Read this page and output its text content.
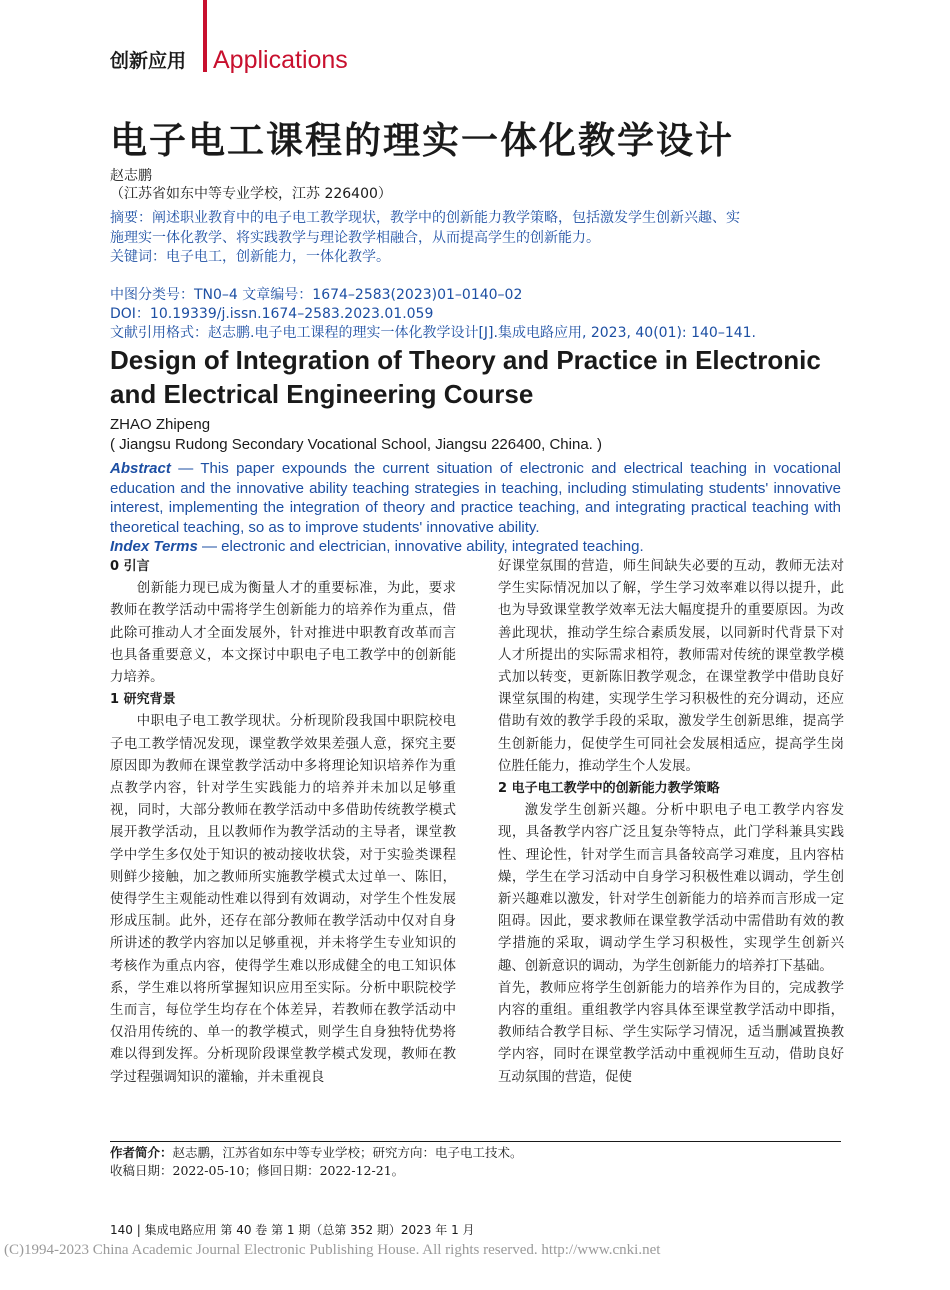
创新应用 Applications
电子电工课程的理实一体化教学设计
赵志鹏
（江苏省如东中等专业学校，江苏 226400）
摘要：阐述职业教育中的电子电工教学现状，教学中的创新能力教学策略，包括激发学生创新兴趣、实
施理实一体化教学、将实践教学与理论教学相融合，从而提高学生的创新能力。
关键词：电子电工，创新能力，一体化教学。
中图分类号：TN0–4 文章编号：1674–2583(2023)01–0140–02
DOI：10.19339/j.issn.1674–2583.2023.01.059
文献引用格式：赵志鹏.电子电工课程的理实一体化教学设计[J].集成电路应用, 2023, 40(01): 140–141.
Design of Integration of Theory and Practice in Electronic and Electrical Engineering Course
ZHAO Zhipeng
( Jiangsu Rudong Secondary Vocational School, Jiangsu 226400, China. )
Abstract — This paper expounds the current situation of electronic and electrical teaching in vocational education and the innovative ability teaching strategies in teaching, including stimulating students' innovative interest, implementing the integration of theory and practice teaching, and integrating practical teaching with theoretical teaching, so as to improve students' innovative ability.
Index Terms — electronic and electrician, innovative ability, integrated teaching.
0 引言

创新能力现已成为衡量人才的重要标准，为此，要求教师在教学活动中需将学生创新能力的培养作为重点，借此除可推动人才全面发展外，针对推进中职教育改革而言也具备重要意义，本文探讨中职电子电工教学中的创新能力培养。

1 研究背景

中职电子电工教学现状。分析现阶段我国中职院校电子电工教学情况发现，课堂教学效果差强人意，探究主要原因即为教师在课堂教学活动中多将理论知识培养作为重点教学内容，针对学生实践能力的培养并未加以足够重视，同时，大部分教师在教学活动中多借助传统教学模式展开教学活动，且以教师作为教学活动的主导者，课堂教学中学生多仅处于知识的被动接收状袋，对于实验类课程则鲜少接触，加之教师所实施教学模式太过单一、陈旧，使得学生主观能动性难以得到有效调动，对学生个性发展形成压制。此外，还存在部分教师在教学活动中仅对自身所讲述的教学内容加以足够重视，并未将学生专业知识的考核作为重点内容，使得学生难以形成健全的电工知识体系，学生难以将所掌握知识应用至实际。分析中职院校学生而言，每位学生均存在个体差异，若教师在教学活动中仅沿用传统的、单一的教学模式，则学生自身独特优势将难以得到发挥。分析现阶段课堂教学模式发现，教师在教学过程强调知识的灌输，并未重视良

好课堂氛围的营造，师生间缺失必要的互动，教师无法对学生实际情况加以了解，学生学习效率难以得以提升，此也为导致课堂教学效率无法大幅度提升的重要原因。为改善此现状，推动学生综合素质发展，以同新时代背景下对人才所提出的实际需求相符，教师需对传统的课堂教学模式加以转变，更新陈旧教学观念，在课堂教学中借助良好课堂氛围的构建，实现学生学习积极性的充分调动，还应借助有效的教学手段的采取，激发学生创新思维，提高学生创新能力，促使学生可同社会发展相适应，提高学生岗位胜任能力，推动学生个人发展。

2 电子电工教学中的创新能力教学策略

激发学生创新兴趣。分析中职电子电工教学内容发现，具备教学内容广泛且复杂等特点，此门学科兼具实践性、理论性，针对学生而言具备较高学习难度，且内容枯燥，学生在学习活动中自身学习积极性难以调动，学生创新兴趣难以激发，针对学生创新能力的培养而言形成一定阻碍。因此，要求教师在课堂教学活动中需借助有效的教学措施的采取，调动学生学习积极性，实现学生创新兴趣、创新意识的调动，为学生创新能力的培养打下基础。

首先，教师应将学生创新能力的培养作为目的，完成教学内容的重组。重组教学内容具体至课堂教学活动中即指，教师结合教学目标、学生实际学习情况，适当删减置换教学内容，同时在课堂教学活动中重视师生互动，借助良好互动氛围的营造，促使

作者简介：赵志鹏，江苏省如东中等专业学校；研究方向：电子电工技术。
收稿日期：2022-05-10；修回日期：2022-12-21。
140 | 集成电路应用 第 40 卷 第 1 期（总第 352 期）2023 年 1 月
(C)1994-2023 China Academic Journal Electronic Publishing House. All rights reserved. http://www.cnki.net
